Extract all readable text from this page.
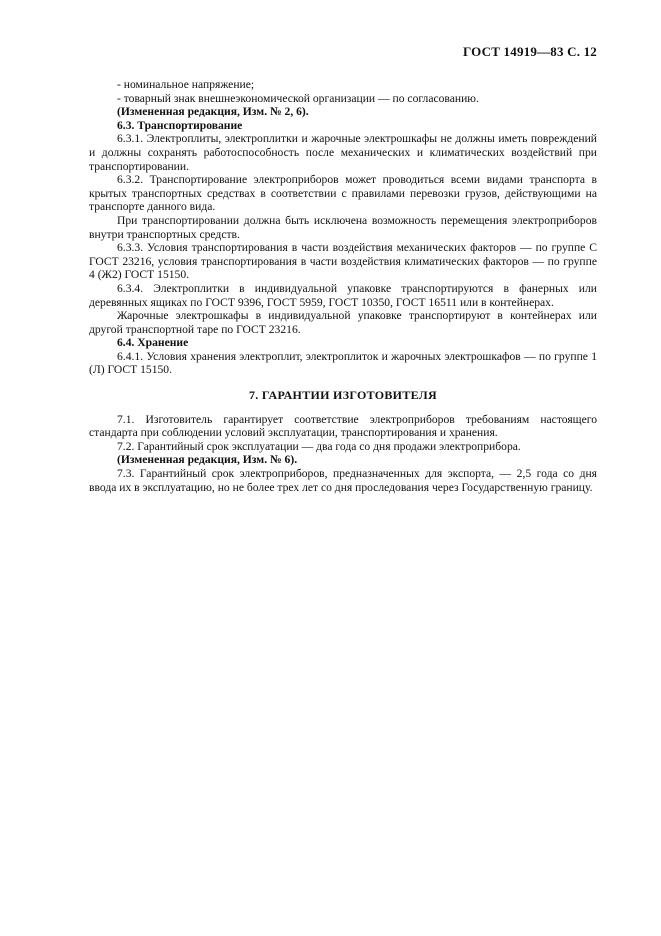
ГОСТ 14919—83 С. 12

- номинальное напряжение;

- товарный знак внешнеэкономической организации — по согласованию.

(Измененная редакция, Изм. № 2, 6).

6.3. Транспортирование

6.3.1. Электроплиты, электроплитки и жарочные электрошкафы не должны иметь повреждений и должны сохранять работоспособность после механических и климатических воздействий при транспортировании.

6.3.2. Транспортирование электроприборов может проводиться всеми видами транспорта в крытых транспортных средствах в соответствии с правилами перевозки грузов, действующими на транспорте данного вида.

При транспортировании должна быть исключена возможность перемещения электроприборов внутри транспортных средств.

6.3.3. Условия транспортирования в части воздействия механических факторов — по группе С ГОСТ 23216, условия транспортирования в части воздействия климатических факторов — по группе 4 (Ж2) ГОСТ 15150.

6.3.4. Электроплитки в индивидуальной упаковке транспортируются в фанерных или деревянных ящиках по ГОСТ 9396, ГОСТ 5959, ГОСТ 10350, ГОСТ 16511 или в контейнерах.

Жарочные электрошкафы в индивидуальной упаковке транспортируют в контейнерах или другой транспортной таре по ГОСТ 23216.

6.4. Хранение

6.4.1. Условия хранения электроплит, электроплиток и жарочных электрошкафов — по группе 1 (Л) ГОСТ 15150.

7. ГАРАНТИИ ИЗГОТОВИТЕЛЯ

7.1. Изготовитель гарантирует соответствие электроприборов требованиям настоящего стандарта при соблюдении условий эксплуатации, транспортирования и хранения.

7.2. Гарантийный срок эксплуатации — два года со дня продажи электроприбора.

(Измененная редакция, Изм. № 6).

7.3. Гарантийный срок электроприборов, предназначенных для экспорта, — 2,5 года со дня ввода их в эксплуатацию, но не более трех лет со дня проследования через Государственную границу.
